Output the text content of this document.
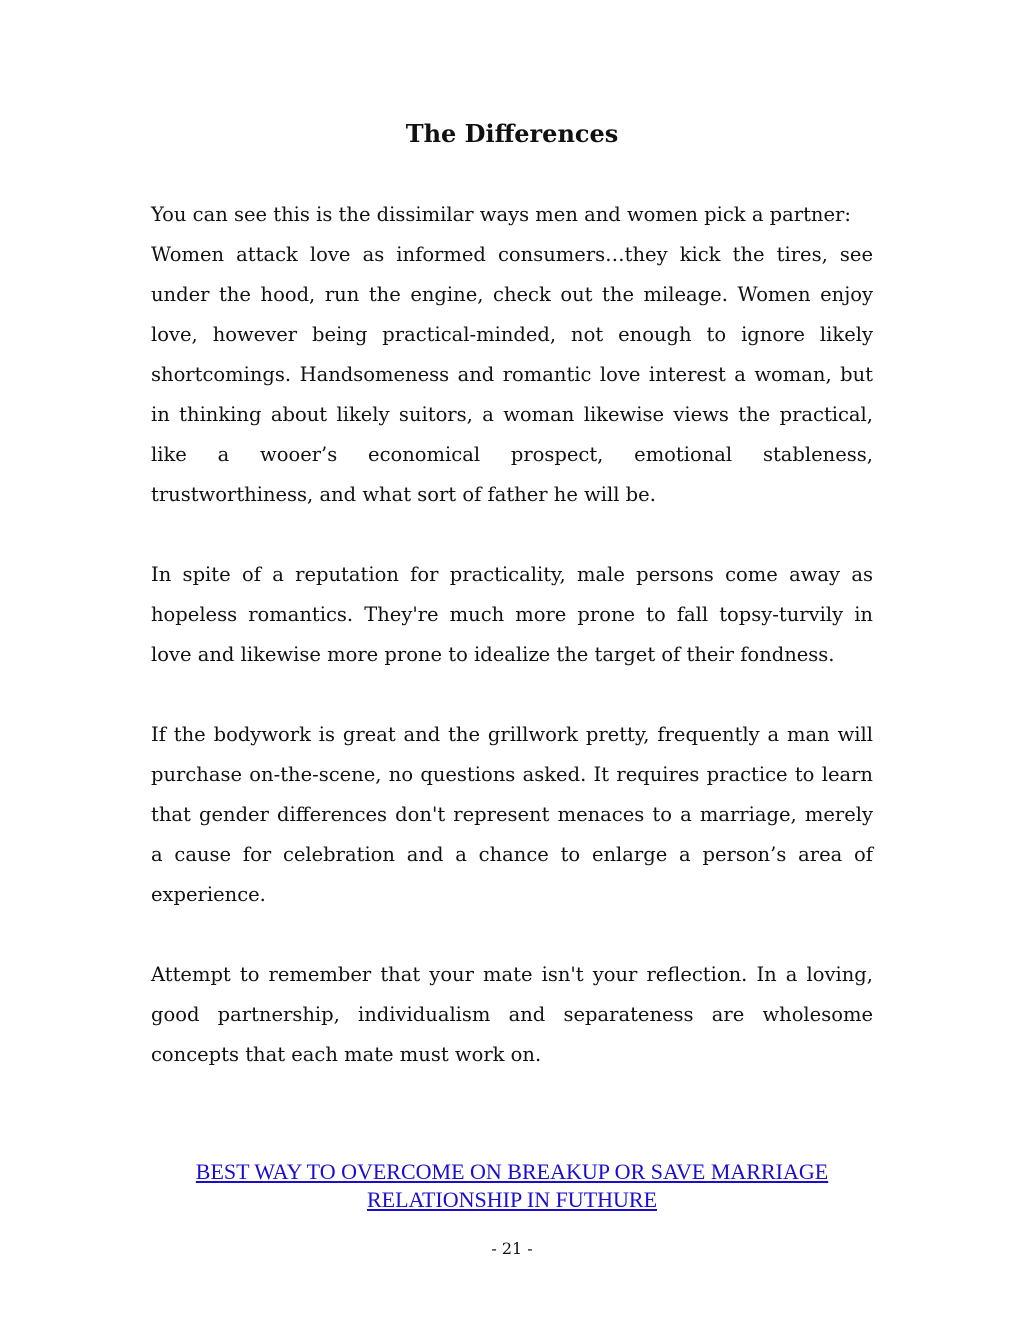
The Differences

You can see this is the dissimilar ways men and women pick a partner:

Women attack love as informed consumers…they kick the tires, see under the hood, run the engine, check out the mileage. Women enjoy love, however being practical-minded, not enough to ignore likely shortcomings. Handsomeness and romantic love interest a woman, but in thinking about likely suitors, a woman likewise views the practical, like a wooer’s economical prospect, emotional stableness, trustworthiness, and what sort of father he will be.

In spite of a reputation for practicality, male persons come away as hopeless romantics. They're much more prone to fall topsy-turvily in love and likewise more prone to idealize the target of their fondness.

If the bodywork is great and the grillwork pretty, frequently a man will purchase on-the-scene, no questions asked. It requires practice to learn that gender differences don't represent menaces to a marriage, merely a cause for celebration and a chance to enlarge a person’s area of experience.

Attempt to remember that your mate isn't your reflection. In a loving, good partnership, individualism and separateness are wholesome concepts that each mate must work on.

BEST WAY TO OVERCOME ON BREAKUP OR SAVE MARRIAGE
RELATIONSHIP IN FUTHURE
- 21 -
